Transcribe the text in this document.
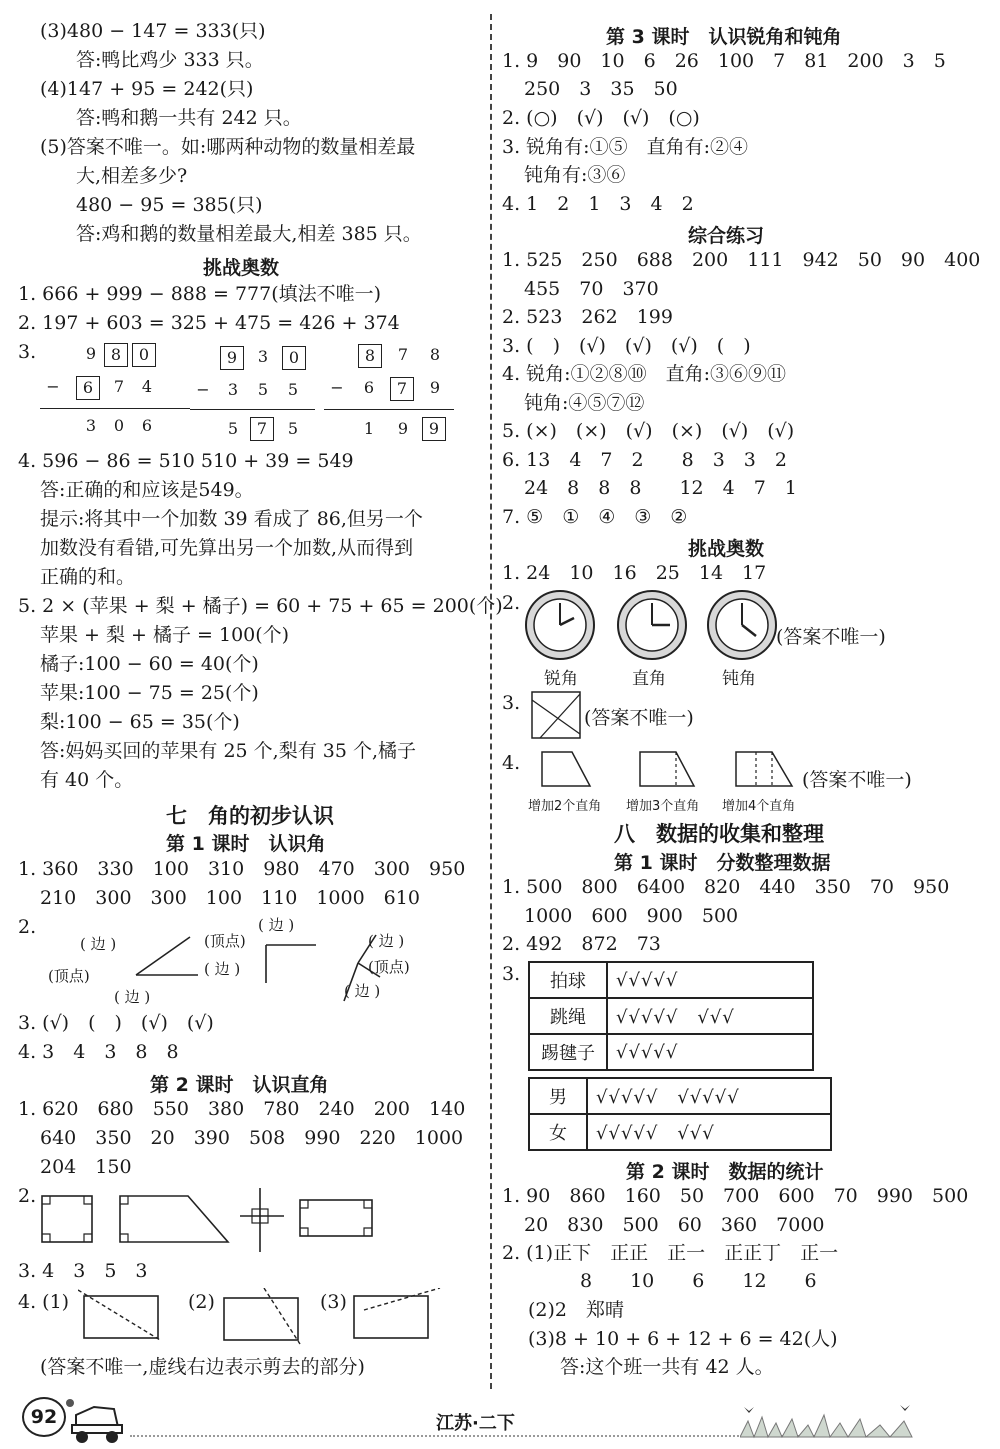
(3)480 − 147 = 333(只)
答:鸭比鸡少 333 只。
(4)147 + 95 = 242(只)
答:鸭和鹅一共有 242 只。
(5)答案不唯一。如:哪两种动物的数量相差最
大,相差多少?
480 − 95 = 385(只)
答:鸡和鹅的数量相差最大,相差 385 只。
挑战奥数
1. 666 + 999 − 888 = 777(填法不唯一)
2. 197 + 603 = 325 + 475 = 426 + 374
3.	9 8	0
−	6	7	4
3	0	6
9	3	0
−	3	5	5
5	7	5
8	7	8
−	6	7	9
1	9	9
4. 596 − 86 = 510 510 + 39 = 549
答:正确的和应该是549。
提示:将其中一个加数 39 看成了 86,但另一个
加数没有看错,可先算出另一个加数,从而得到
正确的和。
5. 2 × (苹果 + 梨 + 橘子) = 60 + 75 + 65 = 200(个)
苹果 + 梨 + 橘子 = 100(个)
橘子:100 − 60 = 40(个)
苹果:100 − 75 = 25(个)
梨:100 − 65 = 35(个)
答:妈妈买回的苹果有 25 个,梨有 35 个,橘子
有 40 个。
七　角的初步认识
第 1 课时　认识角
1. 360　330　100　310　980　470　300　950
210　300　300　100　110　1000　610
2.
( 边 )
(顶点)
( 边 )
(顶点)
( 边 )
( 边 )
( 边 )
(顶点)
( 边 )
3. (√)　(　)　(√)　(√)
4. 3　4　3　8　8
第 2 课时　认识直角
1. 620　680　550　380　780　240　200　140
640　350　20　390　508　990　220　1000
204　150
2.
3. 4　3　5　3
4. (1)	(2)	(3)
(答案不唯一,虚线右边表示剪去的部分)
第 3 课时　认识锐角和钝角
1. 9　90　10　6　26　100　7　81　200　3　5
250　3　35　50
2. (○)　(√)　(√)　(○)
3. 锐角有:①⑤　直角有:②④
钝角有:③⑥
4. 1　2　1　3　4　2
综合练习
1. 525　250　688　200　111　942　50　90　400
455　70　370
2. 523　262　199
3. (　)　(√)　(√)　(√)　(　)
4. 锐角:①②⑧⑩　直角:③⑥⑨⑪
钝角:④⑤⑦⑫
5. (×)　(×)　(√)　(×)　(√)　(√)
6. 13　4　7　2　　8　3　3　2
24　8　8　8　　12　4　7　1
7. ⑤　①　④　③　②
挑战奥数
1. 24　10　16　25　14　17
2.
锐角	直角	钝角
(答案不唯一)
3.
(答案不唯一)
4.
增加2个直角 增加3个直角 增加4个直角
(答案不唯一)
八　数据的收集和整理
第 1 课时　分数整理数据
1. 500　800　6400　820　440　350　70　950
1000　600　900　500
2. 492　872　73
3. 拍球	√√√√√
跳绳	√√√√√　√√√
踢毽子	√√√√√
男	√√√√√　√√√√√
女	√√√√√　√√√
第 2 课时　数据的统计
1. 90　860　160　50　700　600　70　990　500
20　830　500　60　360　7000
2. (1)正下　正正　正一　正正丁　正一
8　　10　　6　　12　　6
(2)2　郑晴
(3)8 + 10 + 6 + 12 + 6 = 42(人)
答:这个班一共有 42 人。
92	江苏·二下
